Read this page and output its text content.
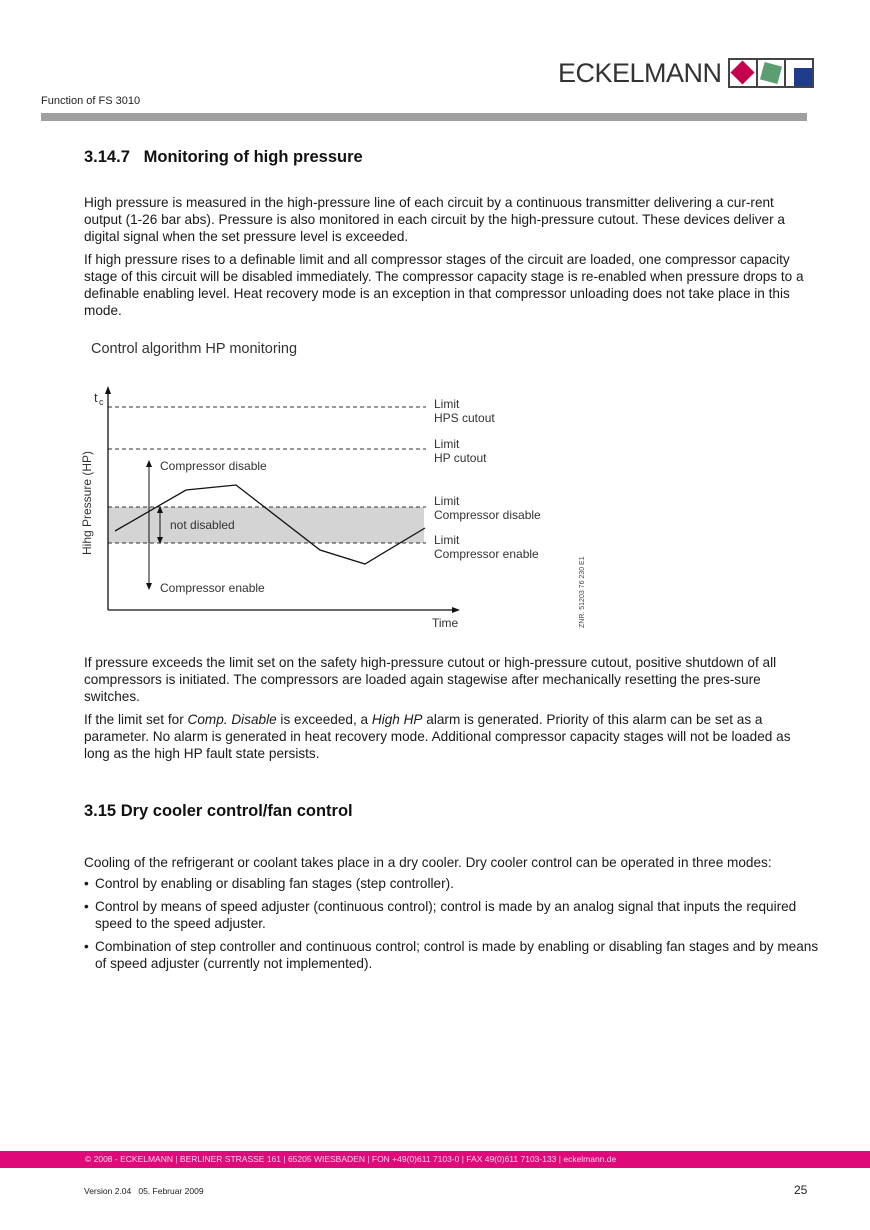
ECKELMANN
Function of FS 3010
3.14.7   Monitoring of high pressure
High pressure is measured in the high-pressure line of each circuit by a continuous transmitter delivering a cur-rent output (1-26 bar abs). Pressure is also monitored in each circuit by the high-pressure cutout. These devices deliver a digital signal when the set pressure level is exceeded.
If high pressure rises to a definable limit and all compressor stages of the circuit are loaded, one compressor capacity stage of this circuit will be disabled immediately. The compressor capacity stage is re-enabled when pressure drops to a definable enabling level. Heat recovery mode is an exception in that compressor unloading does not take place in this mode.
Control algorithm HP monitoring
t c
Hihg Pressure (HP)	Compressor disable
not disabled
Compressor enable
Limit
HPS cutout
Limit
HP cutout
Limit
Compressor disable
Limit
Compressor enable
Time	ZNR. 51203 76 230 E1
If pressure exceeds the limit set on the safety high-pressure cutout or high-pressure cutout, positive shutdown of all compressors is initiated. The compressors are loaded again stagewise after mechanically resetting the pres-sure switches.
If the limit set for Comp. Disable is exceeded, a High HP alarm is generated. Priority of this alarm can be set as a parameter. No alarm is generated in heat recovery mode. Additional compressor capacity stages will not be loaded as long as the high HP fault state persists.
3.15 Dry cooler control/fan control
Cooling of the refrigerant or coolant takes place in a dry cooler. Dry cooler control can be operated in three modes:
• Control by enabling or disabling fan stages (step controller).
• Control by means of speed adjuster (continuous control); control is made by an analog signal that inputs the required speed to the speed adjuster.
• Combination of step controller and continuous control; control is made by enabling or disabling fan stages and by means of speed adjuster (currently not implemented).
© 2008 - ECKELMANN | BERLINER STRASSE 161 | 65205 WIESBADEN | FON +49(0)611 7103-0 | FAX 49(0)611 7103-133 | eckelmann.de
Version 2.04   05. Februar 2009	25
